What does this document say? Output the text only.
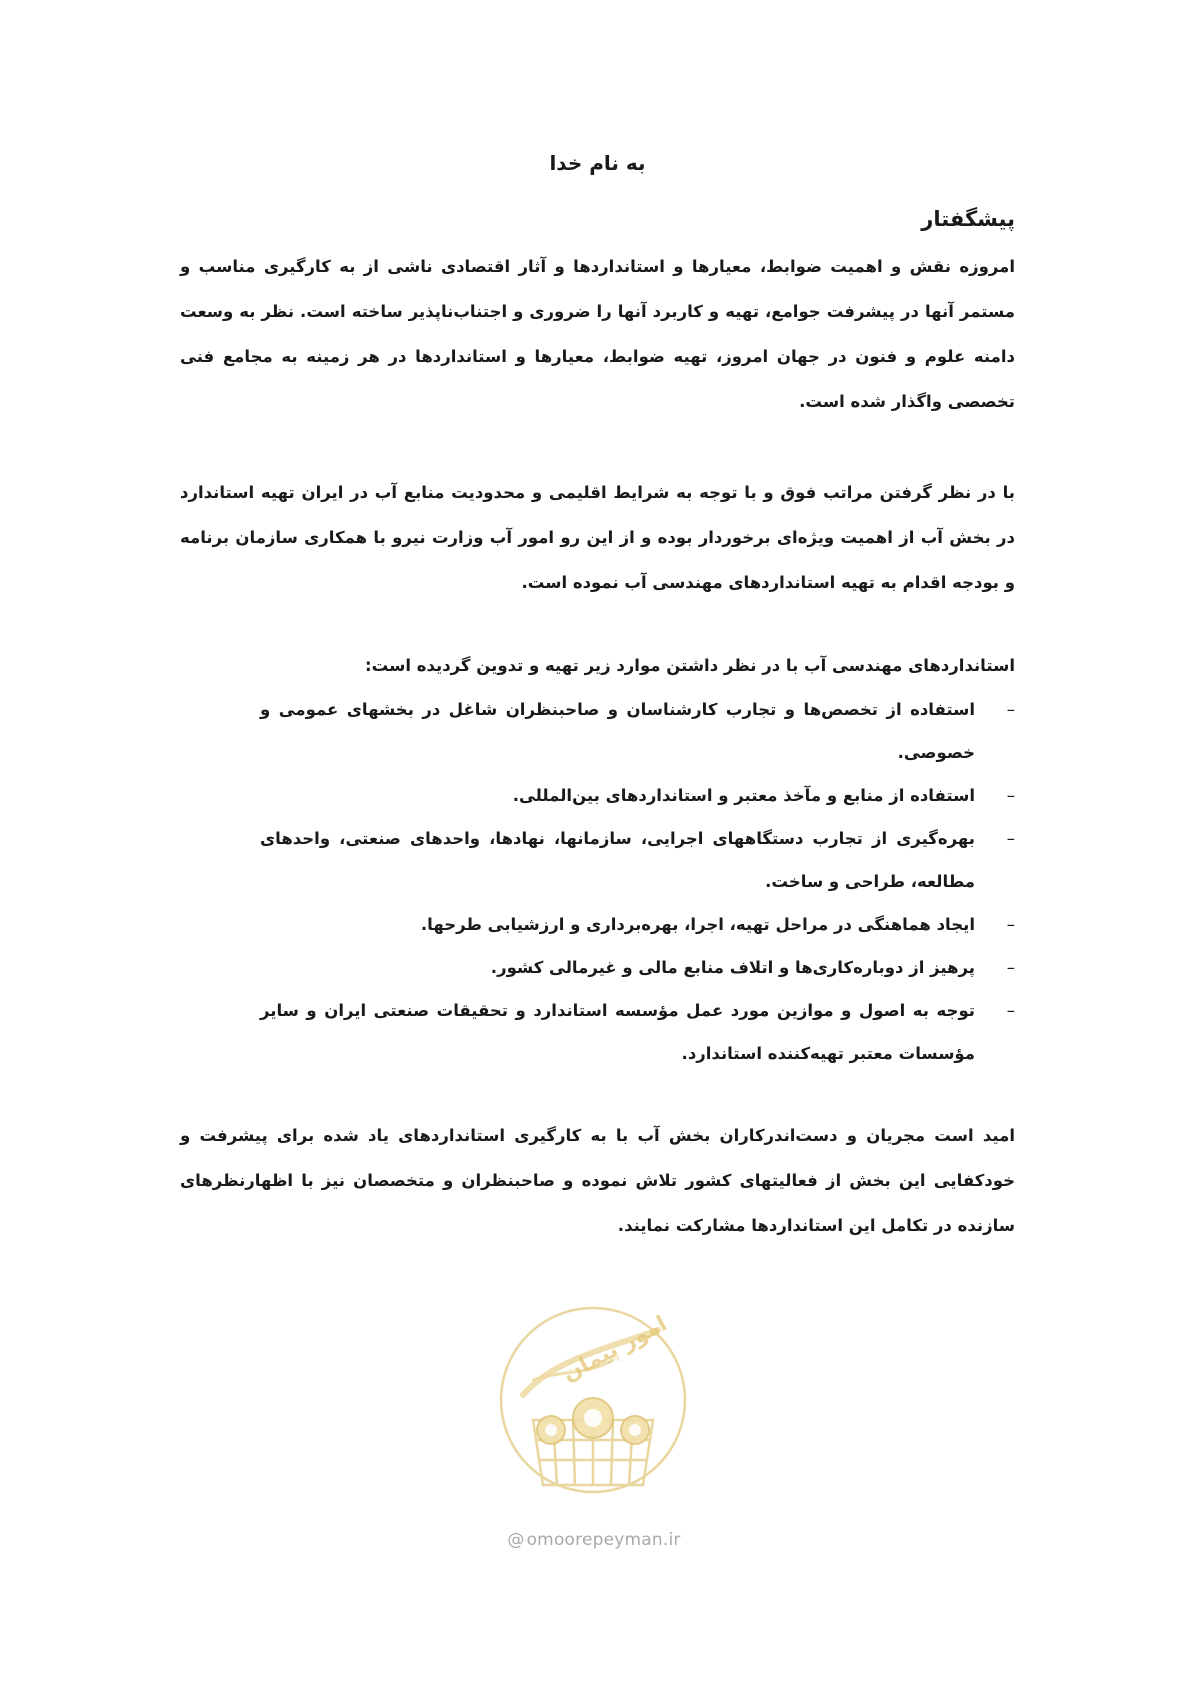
به نام خدا
پیشگفتار

امروزه نقش و اهمیت ضوابط، معیارها و استانداردها و آثار اقتصادی ناشی از به کارگیری مناسب و مستمر آنها در پیشرفت جوامع، تهیه و کاربرد آنها را ضروری و اجتناب‌ناپذیر ساخته است. نظر به وسعت دامنه علوم و فنون در جهان امروز، تهیه ضوابط، معیارها و استانداردها در هر زمینه به مجامع فنی تخصصی واگذار شده است.

با در نظر گرفتن مراتب فوق و با توجه به شرایط اقلیمی و محدودیت منابع آب در ایران تهیه استاندارد در بخش آب از اهمیت ویژه‌ای برخوردار بوده و از این رو امور آب وزارت نیرو با همکاری سازمان برنامه و بودجه اقدام به تهیه استانداردهای مهندسی آب نموده است.

استانداردهای مهندسی آب با در نظر داشتن موارد زیر تهیه و تدوین گردیده است:

–
استفاده از تخصص‌ها و تجارب کارشناسان و صاحبنظران شاغل در بخشهای عمومی و خصوصی.
–
استفاده از منابع و مآخذ معتبر و استانداردهای بین‌المللی.
–
بهره‌گیری از تجارب دستگاههای اجرایی، سازمانها، نهادها، واحدهای صنعتی، واحدهای مطالعه، طراحی و ساخت.
–
ایجاد هماهنگی در مراحل تهیه، اجرا، بهره‌برداری و ارزشیابی طرحها.
–
پرهیز از دوباره‌کاری‌ها و اتلاف منابع مالی و غیرمالی کشور.
–
توجه به اصول و موازین مورد عمل مؤسسه استاندارد و تحقیقات صنعتی ایران و سایر مؤسسات معتبر تهیه‌کننده استاندارد.

امید است مجریان و دست‌اندرکاران بخش آب با به کارگیری استانداردهای یاد شده برای پیشرفت و خودکفایی این بخش از فعالیتهای کشور تلاش نموده و صاحبنظران و متخصصان نیز با اظهارنظرهای سازنده در تکامل این استانداردها مشارکت نمایند.

امور پیمان
@ omoorepeyman.ir
